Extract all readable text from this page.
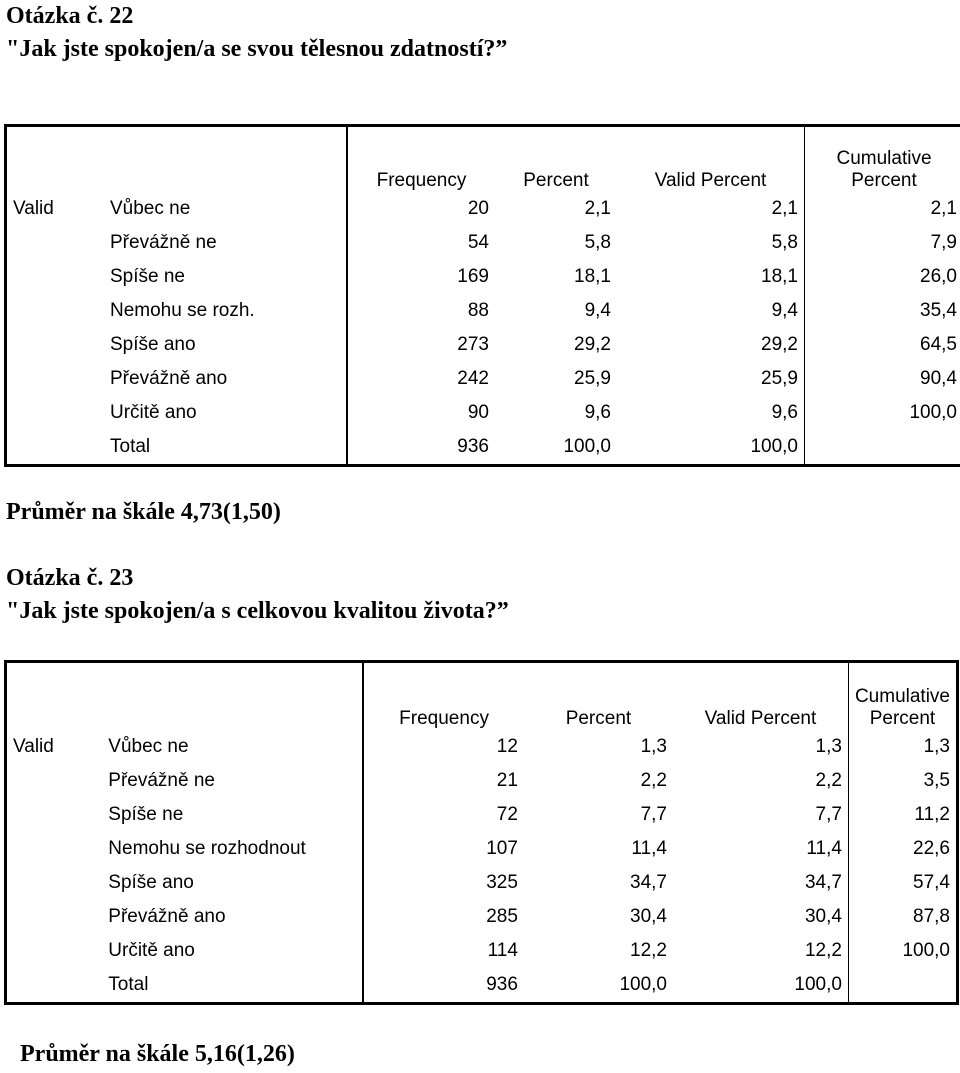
Otázka č. 22
"Jak jste spokojen/a se svou tělesnou zdatností?”
		Frequency	Percent	Valid Percent	Cumulative
Percent
Valid	Vůbec ne	20	2,1	2,1	2,1
	Převážně ne	54	5,8	5,8	7,9
	Spíše ne	169	18,1	18,1	26,0
	Nemohu se rozh.	88	9,4	9,4	35,4
	Spíše ano	273	29,2	29,2	64,5
	Převážně ano	242	25,9	25,9	90,4
	Určitě ano	90	9,6	9,6	100,0
	Total	936	100,0	100,0	
Průměr na škále 4,73(1,50)
Otázka č. 23
"Jak jste spokojen/a s celkovou kvalitou života?”
		Frequency	Percent	Valid Percent	Cumulative
Percent
Valid	Vůbec ne	12	1,3	1,3	1,3
	Převážně ne	21	2,2	2,2	3,5
	Spíše ne	72	7,7	7,7	11,2
	Nemohu se rozhodnout	107	11,4	11,4	22,6
	Spíše ano	325	34,7	34,7	57,4
	Převážně ano	285	30,4	30,4	87,8
	Určitě ano	114	12,2	12,2	100,0
	Total	936	100,0	100,0	
Průměr na škále 5,16(1,26)
